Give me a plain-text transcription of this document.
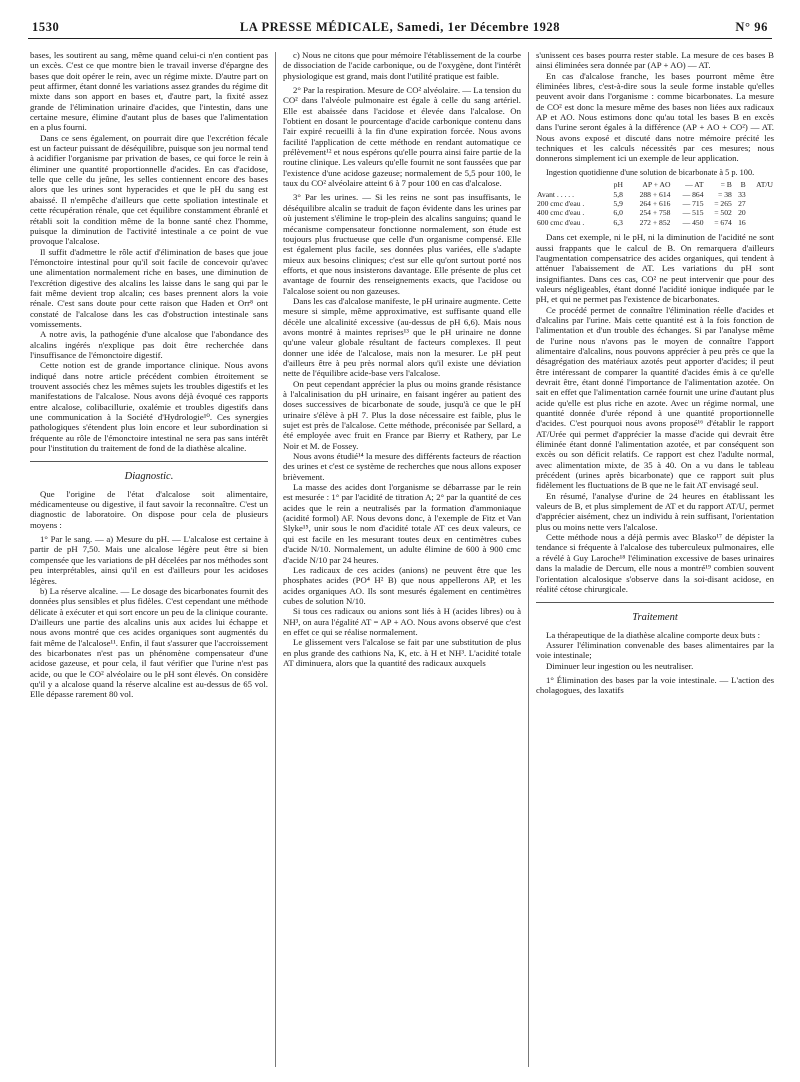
1530	LA PRESSE MÉDICALE, Samedi, 1er Décembre 1928	N° 96

bases, les soutirent au sang, même quand celui-ci n'en contient pas un excès. C'est ce que montre bien le travail inverse d'épargne des bases que doit opérer le rein, avec un régime mixte. D'autre part on peut affirmer, étant donné les variations assez grandes du régime dit mixte dans son apport en bases et, d'autre part, la fixité assez grande de l'élimination urinaire d'acides, que l'intestin, dans une certaine mesure, élimine d'autant plus de bases que l'alimentation en a plus fourni.

Dans ce sens également, on pourrait dire que l'excrétion fécale est un facteur puissant de déséquilibre, puisque son jeu normal tend à acidifier l'organisme par privation de bases, ce qui force le rein à éliminer une quantité proportionnelle d'acides. En cas d'acidose, telle que celle du jeûne, les selles contiennent encore des bases alors que les urines sont hyperacides et que le pH du sang est abaissé. Il n'empêche d'ailleurs que cette spoliation intestinale et cette récupération rénale, que cet équilibre constamment ébranlé et rétabli soit la condition même de la bonne santé chez l'homme, puisque la diminution de l'activité intestinale a ce point de vue provoque l'alcalose.

Il suffit d'admettre le rôle actif d'élimination de bases que joue l'émonctoire intestinal pour qu'il soit facile de concevoir qu'avec une alimentation normalement riche en bases, une diminution de l'excrétion digestive des alcalins les laisse dans le sang qui par le fait même devient trop alcalin; ces bases prennent alors la voie rénale. C'est sans doute pour cette raison que Haden et Orr⁸ ont constaté de l'alcalose dans les cas d'obstruction intestinale sans vomissements.

A notre avis, la pathogénie d'une alcalose que l'abondance des alcalins ingérés n'explique pas doit être recherchée dans l'insuffisance de l'émonctoire digestif.

Cette notion est de grande importance clinique. Nous avons indiqué dans notre article précédent combien étroitement se trouvent associés chez les mêmes sujets les troubles digestifs et les manifestations de l'alcalose. Nous avons déjà évoqué ces rapports entre alcalose, colibacillurie, oxalémie et troubles digestifs dans une communication à la Société d'Hydrologie¹⁰. Ces synergies pathologiques s'étendent plus loin encore et leur subordination si fréquente au rôle de l'émonctoire intestinal ne sera pas sans intérêt pour l'institution du traitement de fond de la diathèse alcaline.

Diagnostic.

Que l'origine de l'état d'alcalose soit alimentaire, médicamenteuse ou digestive, il faut savoir la reconnaître. C'est un diagnostic de laboratoire. On dispose pour cela de plusieurs moyens :

1° Par le sang. — a) Mesure du pH. — L'alcalose est certaine à partir de pH 7,50. Mais une alcalose légère peut être si bien compensée que les variations de pH décelées par nos méthodes sont peu interprétables, ainsi qu'il en est d'ailleurs pour les acidoses légères.

b) La réserve alcaline. — Le dosage des bicarbonates fournit des données plus sensibles et plus fidèles. C'est cependant une méthode délicate à exécuter et qui sort encore un peu de la clinique courante. D'ailleurs une partie des alcalins unis aux acides lui échappe et nous avons montré que ces acides organiques sont augmentés du fait même de l'alcalose¹¹. Enfin, il faut s'assurer que l'accroissement des bicarbonates n'est pas un phénomène compensateur d'une acidose gazeuse, et pour cela, il faut vérifier que l'urine n'est pas acide, ou que le CO² alvéolaire ou le pH sont élevés. On considère qu'il y a alcalose quand la réserve alcaline est au-dessus de 65 vol. Elle dépasse rarement 80 vol.

c) Nous ne citons que pour mémoire l'établissement de la courbe de dissociation de l'acide carbonique, ou de l'oxygène, dont l'intérêt physiologique est grand, mais dont l'utilité pratique est faible.

2° Par la respiration. Mesure de CO² alvéolaire. — La tension du CO² dans l'alvéole pulmonaire est égale à celle du sang artériel. Elle est abaissée dans l'acidose et élevée dans l'alcalose. On l'obtient en dosant le pourcentage d'acide carbonique contenu dans l'air expiré recueilli à la fin d'une expiration forcée. Nous avons facilité l'application de cette méthode en rendant automatique ce prélèvement¹² et nous espérons qu'elle pourra ainsi faire partie de la routine clinique. Les valeurs qu'elle fournit ne sont faussées que par l'existence d'une acidose gazeuse; normalement de 5,5 pour 100, le taux du CO² alvéolaire atteint 6 à 7 pour 100 en cas d'alcalose.

3° Par les urines. — Si les reins ne sont pas insuffisants, le déséquilibre alcalin se traduit de façon évidente dans les urines par où justement s'élimine le trop-plein des alcalins sanguins; quand le mécanisme compensateur fonctionne normalement, son étude est toujours plus fructueuse que celle d'un organisme compensé. Elle est également plus facile, ses données plus variées, elle s'adapte mieux aux besoins cliniques; c'est sur elle qu'ont surtout porté nos efforts, et que nous insisterons davantage. Elle présente de plus cet avantage de fournir des renseignements exacts, que l'acidose ou l'alcalose soient ou non gazeuses.

Dans les cas d'alcalose manifeste, le pH urinaire augmente. Cette mesure si simple, même approximative, est suffisante quand elle décèle une alcalinité excessive (au-dessus de pH 6,6). Mais nous avons montré à maintes reprises¹³ que le pH urinaire ne donne qu'une valeur globale résultant de facteurs complexes. Il peut donner une idée de l'alcalose, mais non la mesurer. Le pH peut d'ailleurs être à peu près normal alors qu'il existe une déviation nette de l'équilibre acide-base vers l'alcalose.

On peut cependant apprécier la plus ou moins grande résistance à l'alcalinisation du pH urinaire, en faisant ingérer au patient des doses successives de bicarbonate de soude, jusqu'à ce que le pH urinaire s'élève à pH 7. Plus la dose nécessaire est faible, plus le sujet est près de l'alcalose. Cette méthode, préconisée par Sellard, a été employée avec fruit en France par Bierry et Rathery, par Le Noir et M. de Fossey.

Nous avons étudié¹⁴ la mesure des différents facteurs de réaction des urines et c'est ce système de recherches que nous allons exposer brièvement.

La masse des acides dont l'organisme se débarrasse par le rein est mesurée : 1° par l'acidité de titration A; 2° par la quantité de ces acides que le rein a neutralisés par la formation d'ammoniaque (acidité formol) AF. Nous devons donc, à l'exemple de Fitz et Van Slyke¹⁵, unir sous le nom d'acidité totale AT ces deux valeurs, ce qui est facile en les mesurant toutes deux en centimètres cubes d'acide N/10. Normalement, un adulte élimine de 600 à 900 cmc d'acide N/10 par 24 heures.

Les radicaux de ces acides (anions) ne peuvent être que les phosphates acides (PO⁴ H² B) que nous appellerons AP, et les acides organiques AO. Ils sont mesurés également en centimètres cubes de solution N/10.

Si tous ces radicaux ou anions sont liés à H (acides libres) ou à NH³, on aura l'égalité AT = AP + AO. Nous avons observé que c'est en effet ce qui se réalise normalement.

Le glissement vers l'alcalose se fait par une substitution de plus en plus grande des cathions Na, K, etc. à H et NH³. L'acidité totale AT diminuera, alors que la quantité des radicaux auxquels

s'unissent ces bases pourra rester stable. La mesure de ces bases B ainsi éliminées sera donnée par (AP + AO) — AT.

En cas d'alcalose franche, les bases pourront même être éliminées libres, c'est-à-dire sous la seule forme instable qu'elles peuvent avoir dans l'organisme : comme bicarbonates. La mesure de CO² est donc la mesure même des bases non liées aux radicaux AP et AO. Nous estimons donc qu'au total les bases B en excès dans l'urine seront égales à la différence (AP + AO + CO²) — AT. Nous avons exposé et discuté dans notre mémoire précité les techniques et les calculs nécessités par ces mesures; nous donnerons simplement ici un exemple de leur application.

Ingestion quotidienne d'une solution de bicarbonate à 5 p. 100.

	pH	AP + AO	— AT	= B	B	AT/U
Avant . . . . .	5,8	288 + 614	— 864	= 38	33	
200 cmc d'eau .	5,9	264 + 616	— 715	= 265	27	
400 cmc d'eau .	6,0	254 + 758	— 515	= 502	20	
600 cmc d'eau .	6,3	272 + 852	— 450	= 674	16	

Dans cet exemple, ni le pH, ni la diminution de l'acidité ne sont aussi frappants que le calcul de B. On remarquera d'ailleurs l'augmentation compensatrice des acides organiques, qui tendent à atténuer l'abaissement de AT. Les variations du pH sont insignifiantes. Dans ces cas, CO² ne peut intervenir que pour des valeurs négligeables, étant donné l'acidité ionique indiquée par le pH, et qui ne permet pas l'existence de bicarbonates.

Ce procédé permet de connaître l'élimination réelle d'acides et d'alcalins par l'urine. Mais cette quantité est à la fois fonction de l'alimentation et d'un trouble des échanges. Si par l'analyse même de l'urine nous n'avons pas le moyen de connaître l'apport alimentaire d'alcalins, nous pouvons apprécier à peu près ce que la désagrégation des matériaux azotés peut apporter d'acides; il peut être intéressant de comparer la quantité d'acides émis à ce qu'elle devrait être, étant donné l'importance de l'alimentation azotée. On sait en effet que l'alimentation carnée fournit une urine d'autant plus acide qu'elle est plus riche en azote. Avec un régime normal, une quantité donnée d'urée répond à une quantité proportionnelle d'acides. C'est pourquoi nous avons proposé¹⁶ d'établir le rapport AT/Urée qui permet d'apprécier la masse d'acide qui devrait être éliminée étant donné l'alimentation azotée, et par conséquent son excès ou son déficit relatifs. Ce rapport est chez l'adulte normal, avec alimentation mixte, de 35 à 40. On a vu dans le tableau précédent (urines après bicarbonate) que ce rapport suit plus fidèlement les fluctuations de B que ne le fait AT envisagé seul.

En résumé, l'analyse d'urine de 24 heures en établissant les valeurs de B, et plus simplement de AT et du rapport AT/U, permet d'apprécier aisément, chez un individu à rein suffisant, l'orientation plus ou moins nette vers l'alcalose.

Cette méthode nous a déjà permis avec Blasko¹⁷ de dépister la tendance si fréquente à l'alcalose des tuberculeux pulmonaires, elle a révélé à Guy Laroche¹⁸ l'élimination excessive de bases urinaires dans la maladie de Dercum, elle nous a montré¹⁹ combien souvent l'orientation alcalosique s'observe dans la soi-disant acidose, en réalité cétose chirurgicale.

Traitement

La thérapeutique de la diathèse alcaline comporte deux buts :

Assurer l'élimination convenable des bases alimentaires par la voie intestinale;

Diminuer leur ingestion ou les neutraliser.

1° Élimination des bases par la voie intestinale. — L'action des cholagogues, des laxatifs
